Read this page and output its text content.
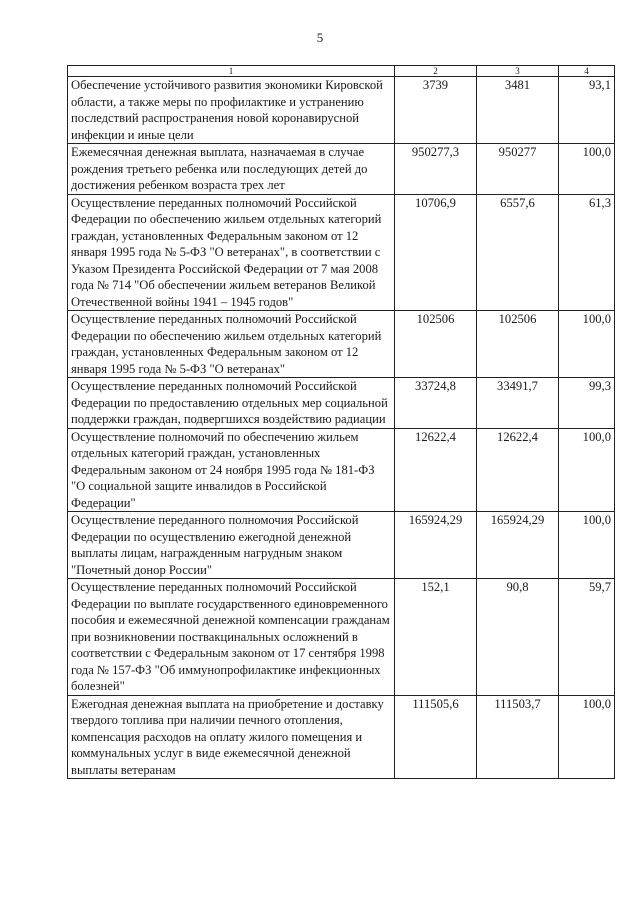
5
1	2	3	4
Обеспечение устойчивого развития экономики Кировской области, а также меры по профилактике и устранению последствий распространения новой коронавирусной инфекции и иные цели	3739	3481	93,1
Ежемесячная денежная выплата, назначаемая в случае рождения третьего ребенка или последующих детей до достижения ребенком возраста трех лет	950277,3	950277	100,0
Осуществление переданных полномочий Российской Федерации по обеспечению жильем отдельных категорий граждан, установленных Федеральным законом от 12 января 1995 года № 5-ФЗ "О ветеранах", в соответствии с Указом Президента Российской Федерации от 7 мая 2008 года № 714 "Об обеспечении жильем ветеранов Великой Отечественной войны 1941 – 1945 годов"	10706,9	6557,6	61,3
Осуществление переданных полномочий Российской Федерации по обеспечению жильем отдельных категорий граждан, установленных Федеральным законом от 12 января 1995 года № 5-ФЗ "О ветеранах"	102506	102506	100,0
Осуществление переданных полномочий Российской Федерации по предоставлению отдельных мер социальной поддержки граждан, подвергшихся воздействию радиации	33724,8	33491,7	99,3
Осуществление полномочий по обеспечению жильем отдельных категорий граждан, установленных Федеральным законом от 24 ноября 1995 года № 181-ФЗ "О социальной защите инвалидов в Российской Федерации"	12622,4	12622,4	100,0
Осуществление переданного полномочия Российской Федерации по осуществлению ежегодной денежной выплаты лицам, награжденным нагрудным знаком "Почетный донор России"	165924,29	165924,29	100,0
Осуществление переданных полномочий Российской Федерации по выплате государственного единовременного пособия и ежемесячной денежной компенсации гражданам при возникновении поствакцинальных осложнений в соответствии с Федеральным законом от 17 сентября 1998 года № 157-ФЗ "Об иммунопрофилактике инфекционных болезней"	152,1	90,8	59,7
Ежегодная денежная выплата на приобретение и доставку твердого топлива при наличии печного отопления, компенсация расходов на оплату жилого помещения и коммунальных услуг в виде ежемесячной денежной выплаты ветеранам	111505,6	111503,7	100,0
